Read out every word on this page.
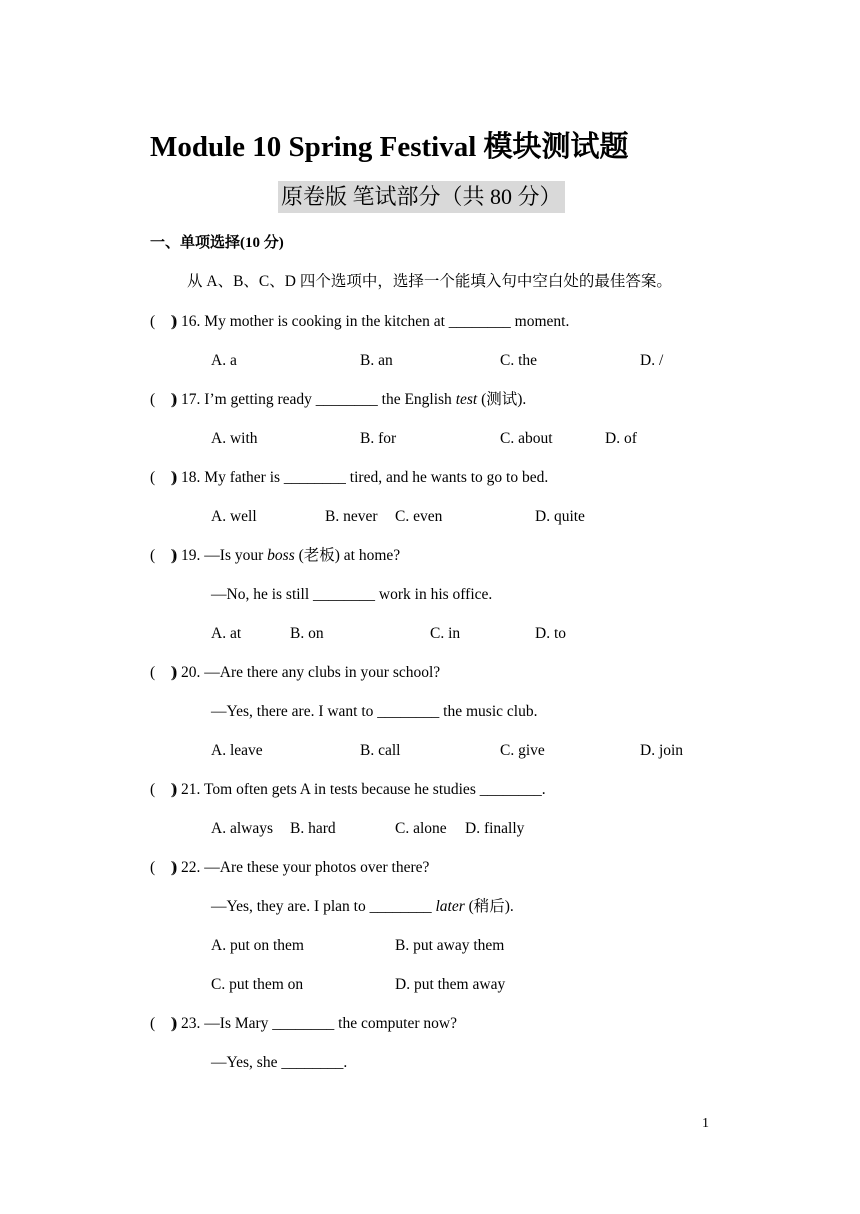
Module 10 Spring Festival 模块测试题
原卷版 笔试部分（共 80 分）
一、单项选择(10 分)
从 A、B、C、D 四个选项中，选择一个能填入句中空白处的最佳答案。
(　)
) 16. My mother is cooking in the kitchen at ________ moment.
A. a	B. an	C. the	D. /
(　)
) 17. I’m getting ready ________ the English test (测试).
A. with	B. for	C. about	D. of
(　)
) 18. My father is ________ tired, and he wants to go to bed.
A. well	B. never C. even	D. quite
(　)
) 19. —Is your boss (老板) at home?
—No, he is still ________ work in his office.
A. at	B. on	C. in	D. to
(　)
) 20. —Are there any clubs in your school?
—Yes, there are. I want to ________ the music club.
A. leave	B. call	C. give	D. join
(　)
) 21. Tom often gets A in tests because he studies ________.
A. always B. hard	C. alone D. finally
(　)
) 22. —Are these your photos over there?
—Yes, they are. I plan to ________ later (稍后).
A. put on them	B. put away them
C. put them on	D. put them away
(　)
) 23. —Is Mary ________ the computer now?
—Yes, she ________.
1
